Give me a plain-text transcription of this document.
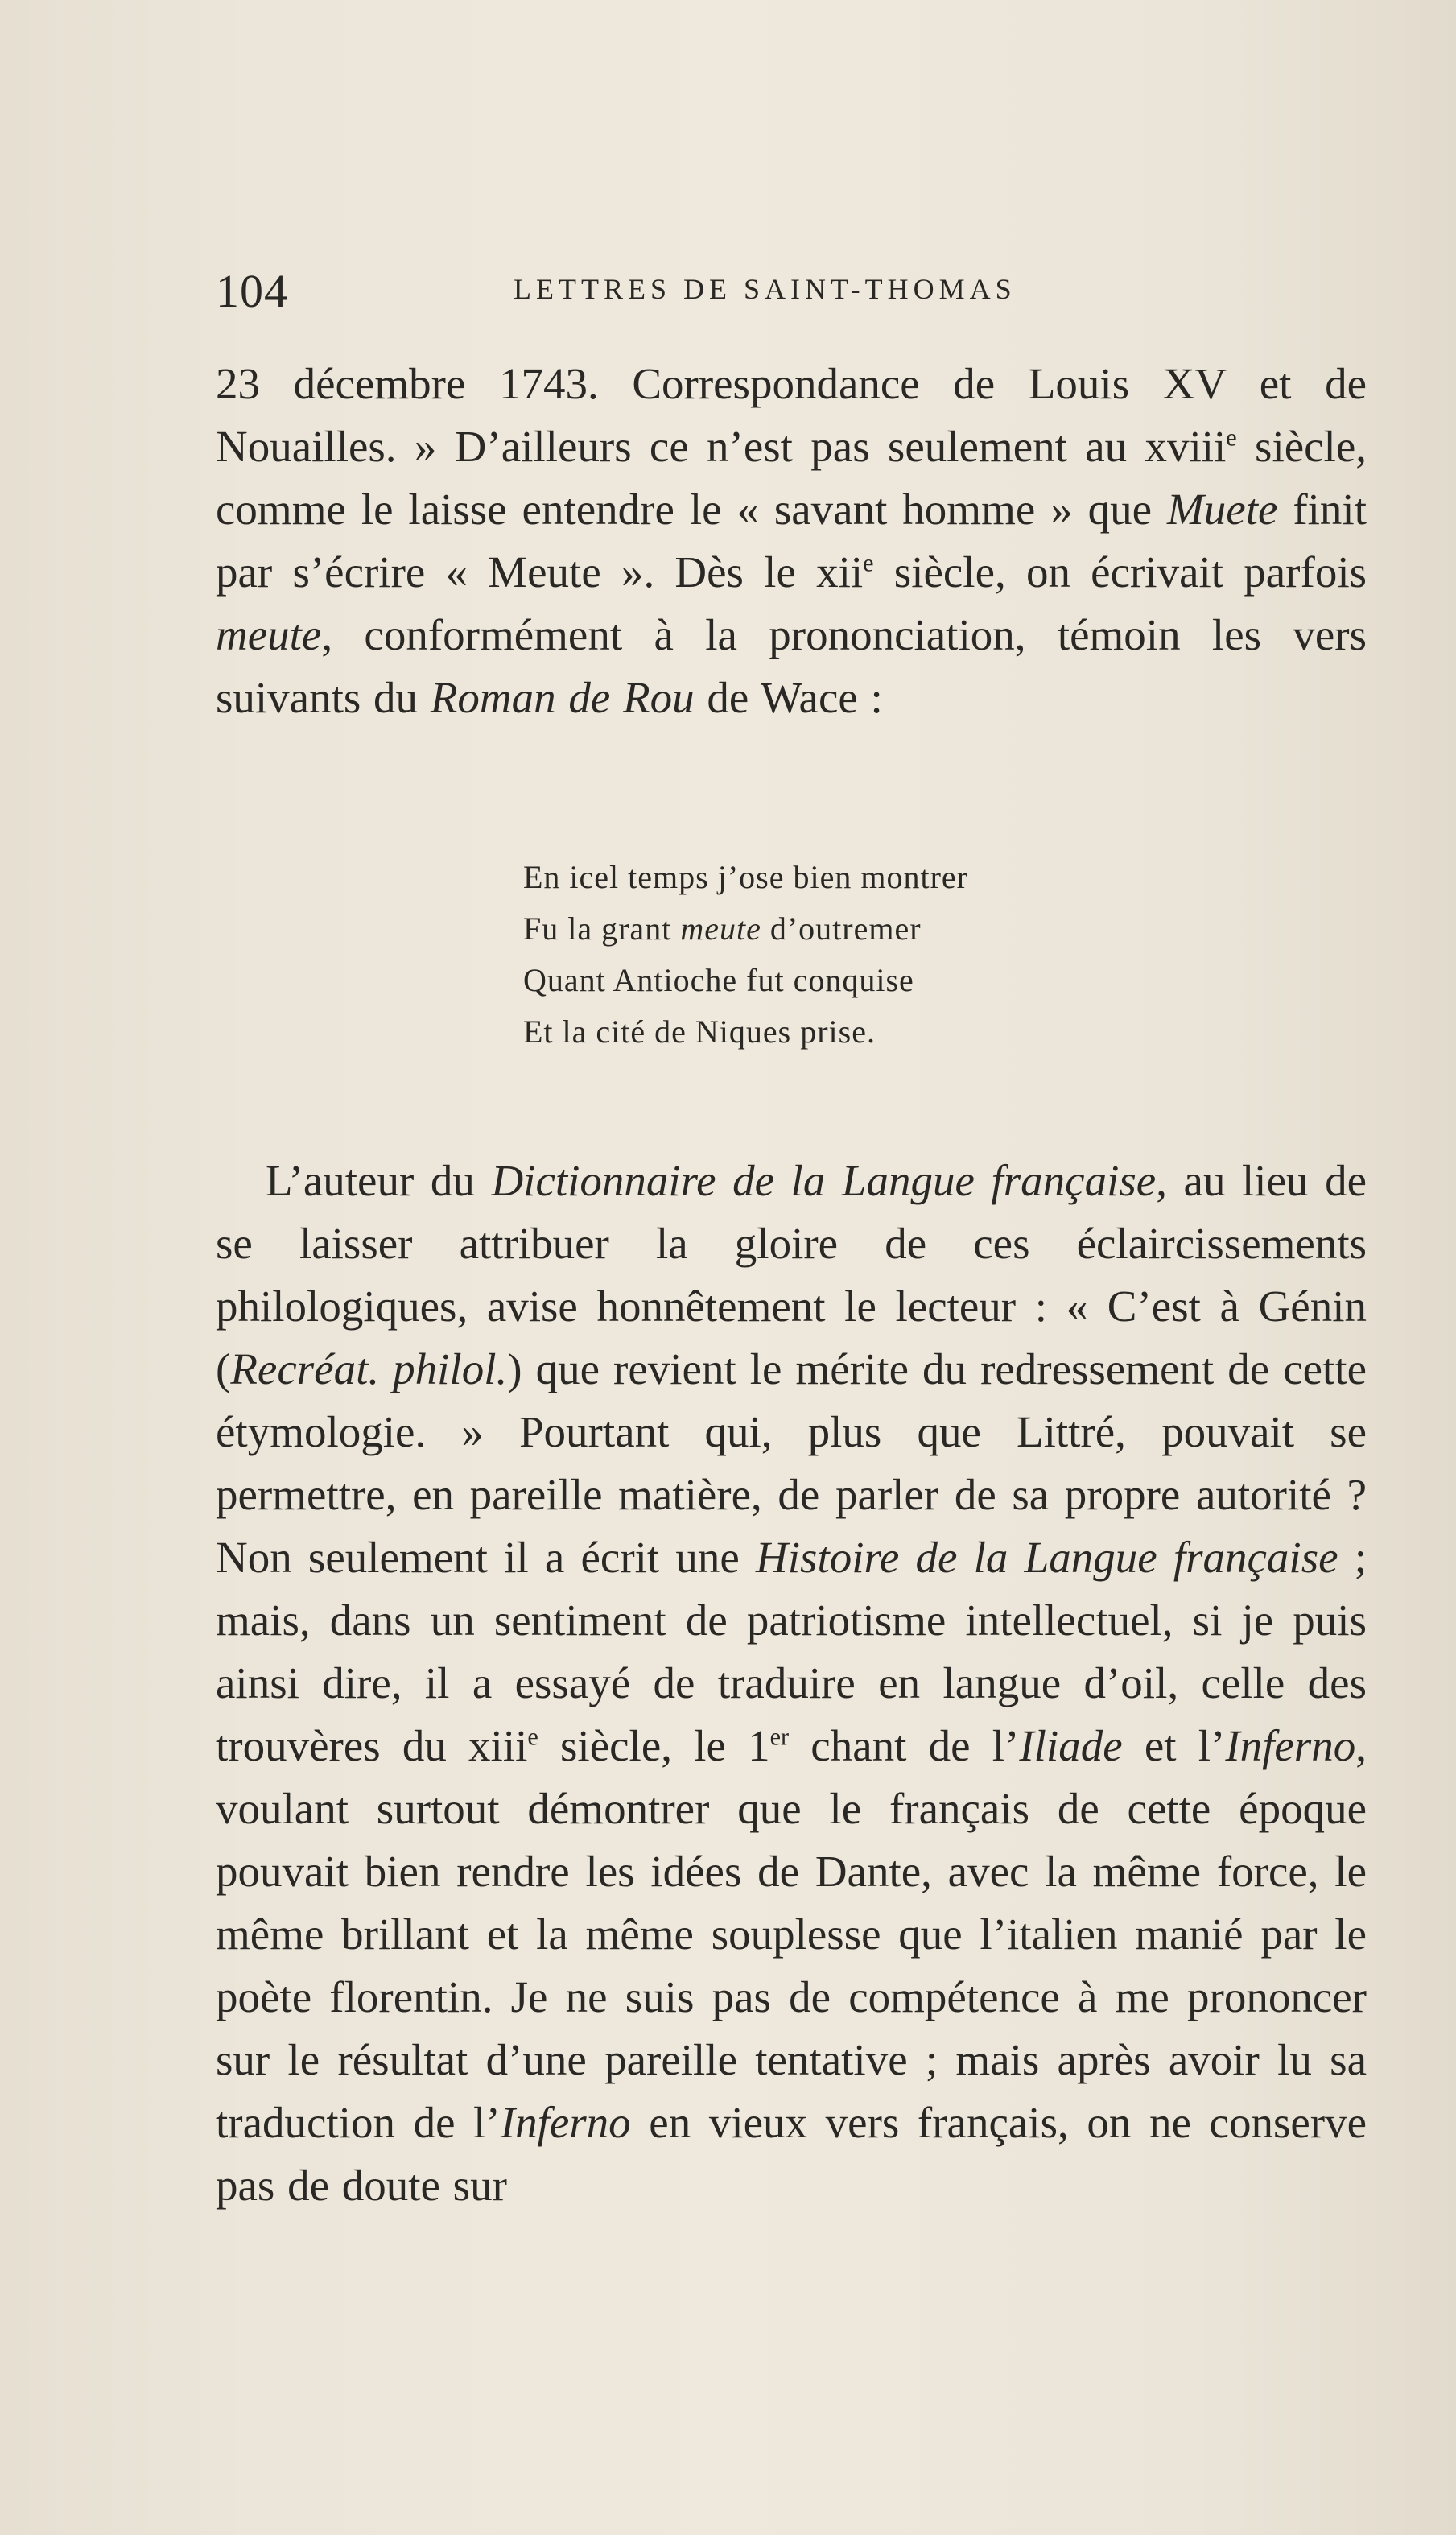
104	LETTRES DE SAINT-THOMAS

23 décembre 1743. Correspondance de Louis XV et de Nouailles. » D’ailleurs ce n’est pas seulement au xviii$^e$ siècle, comme le laisse entendre le « savant homme » que Muete finit par s’écrire « Meute ». Dès le xii$^e$ siècle, on écrivait parfois meute, conformément à la prononciation, témoin les vers suivants du Roman de Rou de Wace :

En icel temps j’ose bien montrer
Fu la grant meute d’outremer
Quant Antioche fut conquise
Et la cité de Niques prise.

L’auteur du Dictionnaire de la Langue française, au lieu de se laisser attribuer la gloire de ces éclaircissements philologiques, avise honnêtement le lecteur : « C’est à Génin (Recréat. philol.) que revient le mérite du redressement de cette étymologie. » Pourtant qui, plus que Littré, pouvait se permettre, en pareille matière, de parler de sa propre autorité ? Non seulement il a écrit une Histoire de la Langue française ; mais, dans un sentiment de patriotisme intellectuel, si je puis ainsi dire, il a essayé de traduire en langue d’oil, celle des trouvères du xiii$^e$ siècle, le 1er chant de l’Iliade et l’Inferno, voulant surtout démontrer que le français de cette époque pouvait bien rendre les idées de Dante, avec la même force, le même brillant et la même souplesse que l’italien manié par le poète florentin. Je ne suis pas de compétence à me prononcer sur le résultat d’une pareille tentative ; mais après avoir lu sa traduction de l’Inferno en vieux vers français, on ne conserve pas de doute sur
